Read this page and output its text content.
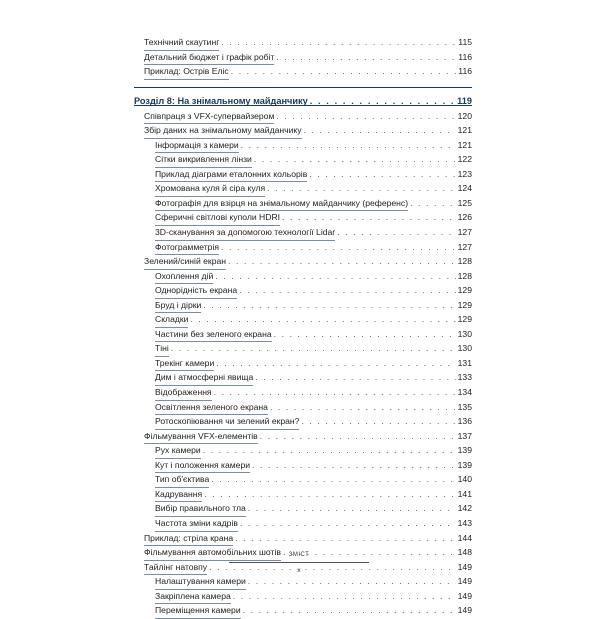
Технічний скаутинг . . .	115
Детальний бюджет і графік робіт . . .	116
Приклад: Острів Еліс . . .	116
Розділ 8: На знімальному майданчику . . .	119
Співпраця з VFX-супервайзером . . .	120
Збір даних на знімальному майданчику . . .	121
Інформація з камери . . .	121
Сітки викривлення лінзи . . .	122
Приклад діаграми еталонних кольорів . . .	123
Хромована куля й сіра куля . . .	124
Фотографія для взірця на знімальному майданчику (референс) . . .	125
Сферичні світлові куполи HDRI . . .	126
3D-сканування за допомогою технології Lidar . . .	127
Фотограмметрія . . .	127
Зелений/синій екран . . .	128
Охоплення дій . . .	128
Однорідність екрана . . .	129
Бруд і дірки . . .	129
Складки . . .	129
Частини без зеленого екрана . . .	130
Тіні . . .	130
Трекінг камери . . .	131
Дим і атмосферні явища . . .	133
Відображення . . .	134
Освітлення зеленого екрана . . .	135
Ротоскопіювання чи зелений екран? . . .	136
Фільмування VFX-елементів . . .	137
Рух камери . . .	139
Кут і положення камери . . .	139
Тип об'єктива . . .	140
Кадрування . . .	141
Вибір правильного тла . . .	142
Частота зміни кадрів . . .	143
Приклад: стріла крана . . .	144
Фільмування автомобільних шотів . . .	148
Тайлінг натовпу . . .	149
Налаштування камери . . .	149
Закріплена камера . . .	149
Переміщення камери . . .	149
ЗМІСТ
x
